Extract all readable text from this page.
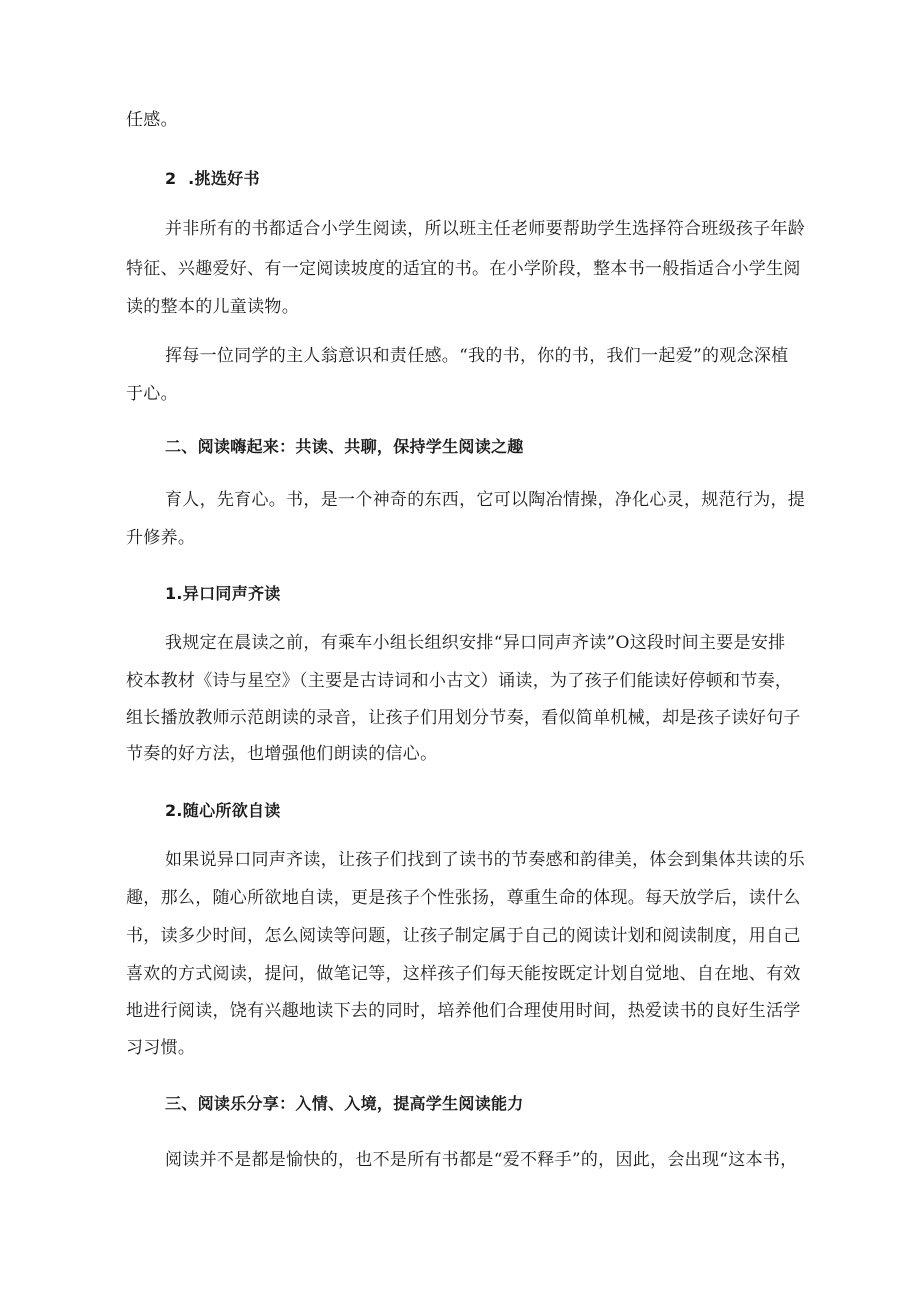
任感。
2  .挑选好书
并非所有的书都适合小学生阅读，所以班主任老师要帮助学生选择符合班级孩子年龄
特征、兴趣爱好、有一定阅读坡度的适宜的书。在小学阶段，整本书一般指适合小学生阅
读的整本的儿童读物。
挥每一位同学的主人翁意识和责任感。“我的书，你的书，我们一起爱”的观念深植
于心。
二、阅读嗨起来：共读、共聊，保持学生阅读之趣
育人，先育心。书，是一个神奇的东西，它可以陶冶情操，净化心灵，规范行为，提
升修养。
1.异口同声齐读
我规定在晨读之前，有乘车小组长组织安排“异口同声齐读”O这段时间主要是安排
校本教材《诗与星空》（主要是古诗词和小古文）诵读，为了孩子们能读好停顿和节奏，
组长播放教师示范朗读的录音，让孩子们用划分节奏，看似简单机械，却是孩子读好句子
节奏的好方法，也增强他们朗读的信心。
2.随心所欲自读
如果说异口同声齐读，让孩子们找到了读书的节奏感和韵律美，体会到集体共读的乐
趣，那么，随心所欲地自读，更是孩子个性张扬，尊重生命的体现。每天放学后，读什么
书，读多少时间，怎么阅读等问题，让孩子制定属于自己的阅读计划和阅读制度，用自己
喜欢的方式阅读，提问，做笔记等，这样孩子们每天能按既定计划自觉地、自在地、有效
地进行阅读，饶有兴趣地读下去的同时，培养他们合理使用时间，热爱读书的良好生活学
习习惯。
三、阅读乐分享：入情、入境，提高学生阅读能力
阅读并不是都是愉快的，也不是所有书都是“爱不释手”的，因此，会出现“这本书，
